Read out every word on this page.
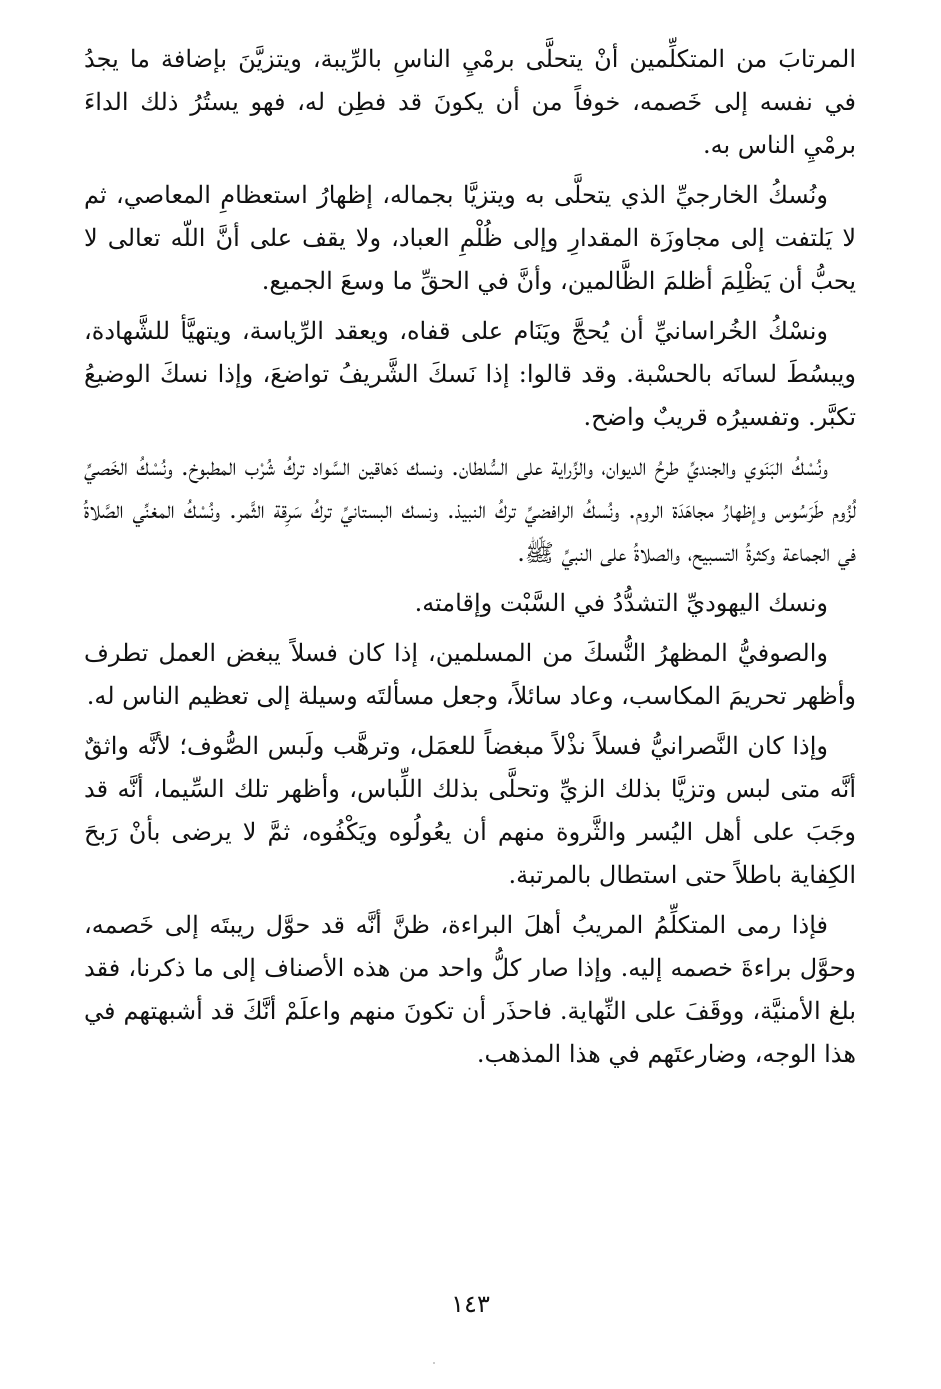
المرتابَ من المتكلِّمين أنْ يتحلَّى برمْيِ الناسِ بالرِّيبة، ويتزيَّنَ بإضافة ما يجدُ في نفسه إلى خَصمه، خوفاً من أن يكونَ قد فطِن له، فهو يستُرُ ذلك الداءَ برمْيِ الناس به.

ونُسكُ الخارجيِّ الذي يتحلَّى به ويتزيَّا بجماله، إظهارُ استعظامِ المعاصي، ثم لا يَلتفت إلى مجاوزَة المقدارِ وإلى ظُلْمِ العباد، ولا يقف على أنَّ اللّه تعالى لا يحبُّ أن يَظْلِمَ أظلمَ الظَّالمين، وأنَّ في الحقِّ ما وسعَ الجميع.

ونسْكُ الخُراسانيِّ أن يُحجَّ ويَنَام على قفاه، ويعقد الرِّياسة، ويتهيَّأ للشَّهادة، ويبسُطَ لسانَه بالحسْبة. وقد قالوا: إذا نَسكَ الشَّريفُ تواضعَ، وإذا نسكَ الوضيعُ تكبَّر. وتفسيرُه قريبٌ واضح.

ونُسْكُ البَنَوي والجنديِّ طرحُ الديوان، والزِّراية على السُّلطان. ونسك دَهاقين السَّواد تركُ شُرْب المطبوخ. ونُسْكُ الخَصيِّ لُزُوم طَرَسُوس وإظهارُ مجاهَدَة الروم. ونُسكُ الرافضيِّ تركُ النبيذ. ونسك البستانيِّ تركُ سَرِقة الثَّمر. ونُسْكُ المغنِّي الصَّلاةُ في الجماعة وكثرةُ التسبيح، والصلاةُ على النبيِّ ﷺ.

ونسك اليهوديِّ التشدُّدُ في السَّبْت وإقامته.

والصوفيُّ المظهرُ النُّسكَ من المسلمين، إذا كان فسلاً يبغض العمل تطرف وأظهر تحريمَ المكاسب، وعاد سائلاً، وجعل مسألتَه وسيلة إلى تعظيم الناس له.

وإذا كان النَّصرانيُّ فسلاً نذْلاً مبغضاً للعمَل، وترهَّب ولَبس الصُّوف؛ لأنَّه واثقٌ أنَّه متى لبس وتزيَّا بذلك الزيِّ وتحلَّى بذلك اللِّباس، وأظهر تلك السِّيما، أنَّه قد وجَبَ على أهل اليُسر والثَّروة منهم أن يعُولُوه ويَكْفُوه، ثمَّ لا يرضى بأنْ رَبحَ الكِفاية باطلاً حتى استطال بالمرتبة.

فإذا رمى المتكلِّمُ المريبُ أهلَ البراءة، ظنَّ أنَّه قد حوَّل ريبتَه إلى خَصمه، وحوَّل براءةَ خصمه إليه. وإذا صار كلُّ واحد من هذه الأصناف إلى ما ذكرنا، فقد بلغ الأمنيَّة، ووقَفَ على النِّهاية. فاحذَر أن تكونَ منهم واعلَمْ أنَّكَ قد أشبهتهم في هذا الوجه، وضارعتَهم في هذا المذهب.

١٤٣
